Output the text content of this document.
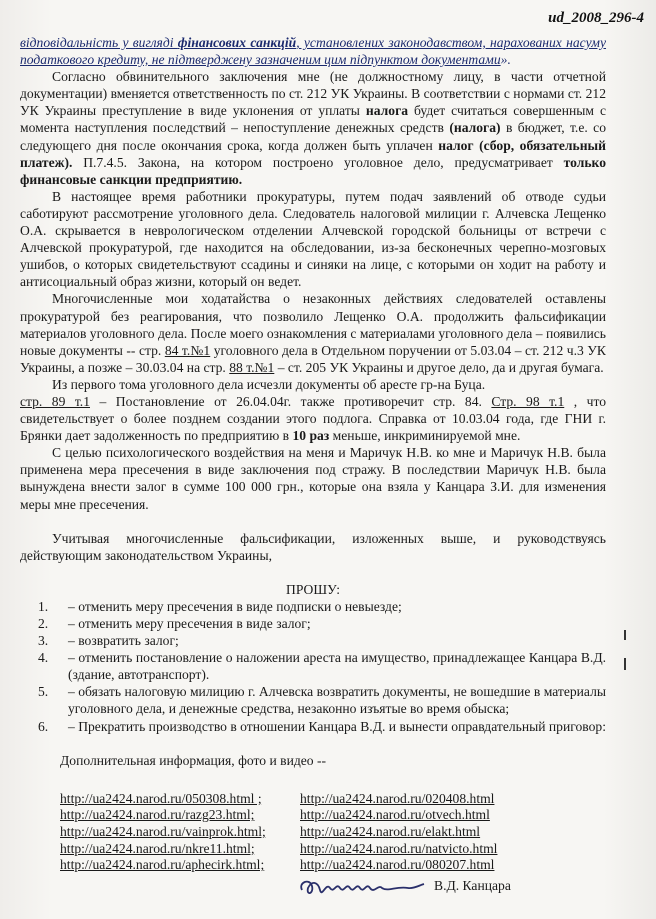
ud_2008_296-4

відповідальність у вигляді фінансових санкцій, установлених законодавством, нарахованих насуму податкового кредиту, не підтверджену зазначеним цим підпунктом документами».

Согласно обвинительного заключения мне (не должностному лицу, в части отчетной документации) вменяется ответственность по ст. 212 УК Украины. В соответствии с нормами ст. 212 УК Украины преступление в виде уклонения от уплаты налога будет считаться совершенным с момента наступления последствий – непоступление денежных средств (налога) в бюджет, т.е. со следующего дня после окончания срока, когда должен быть уплачен налог (сбор, обязательный платеж). П.7.4.5. Закона, на котором построено уголовное дело, предусматривает только финансовые санкции предприятию.

В настоящее время работники прокуратуры, путем подач заявлений об отводе судьи саботируют рассмотрение уголовного дела. Следователь налоговой милиции г. Алчевска Лещенко О.А. скрывается в неврологическом отделении Алчевской городской больницы от встречи с Алчевской прокуратурой, где находится на обследовании, из-за бесконечных черепно-мозговых ушибов, о которых свидетельствуют ссадины и синяки на лице, с которыми он ходит на работу и антисоциальный образ жизни, который он ведет.

Многочисленные мои ходатайства о незаконных действиях следователей оставлены прокуратурой без реагирования, что позволило Лещенко О.А. продолжить фальсификации материалов уголовного дела. После моего ознакомления с материалами уголовного дела – появились новые документы -- стр. 84 т.№1 уголовного дела в Отдельном поручении от 5.03.04 – ст. 212 ч.3 УК Украины, а позже – 30.03.04 на стр. 88 т.№1 – ст. 205 УК Украины и другое дело, да и другая бумага.

Из первого тома уголовного дела исчезли документы об аресте гр-на Буца.

стр. 89 т.1 – Постановление от 26.04.04г. также противоречит стр. 84. Стр. 98 т.1 , что свидетельствует о более позднем создании этого подлога. Справка от 10.03.04 года, где ГНИ г. Брянки дает задолженность по предприятию в 10 раз меньше, инкриминируемой мне.

С целью психологического воздействия на меня и Маричук Н.В. ко мне и Маричук Н.В. была применена мера пресечения в виде заключения под стражу. В последствии Маричук Н.В. была вынуждена внести залог в сумме 100 000 грн., которые она взяла у Канцара З.И. для изменения меры мне пресечения.

Учитывая многочисленные фальсификации, изложенных выше, и руководствуясь действующим законодательством Украины,

ПРОШУ:

1.	– отменить меру пресечения в виде подписки о невыезде;
2.	– отменить меру пресечения в виде залог;
3.	– возвратить залог;
4.	– отменить постановление о наложении ареста на имущество, принадлежащее Канцара В.Д. (здание, автотранспорт).
5.	– обязать налоговую милицию г. Алчевска возвратить документы, не вошедшие в материалы уголовного дела, и денежные средства, незаконно изъятые во время обыска;
6.	– Прекратить производство в отношении Канцара В.Д. и вынести оправдательный приговор:

Дополнительная информация, фото и видео --

http://ua2424.narod.ru/050308.html ;	http://ua2424.narod.ru/020408.html
http://ua2424.narod.ru/razg23.html;	http://ua2424.narod.ru/otvech.html
http://ua2424.narod.ru/vainprok.html;	http://ua2424.narod.ru/elakt.html
http://ua2424.narod.ru/nkre11.html;	http://ua2424.narod.ru/natvicto.html
http://ua2424.narod.ru/aphecirk.html;	http://ua2424.narod.ru/080207.html
В.Д. Канцара
